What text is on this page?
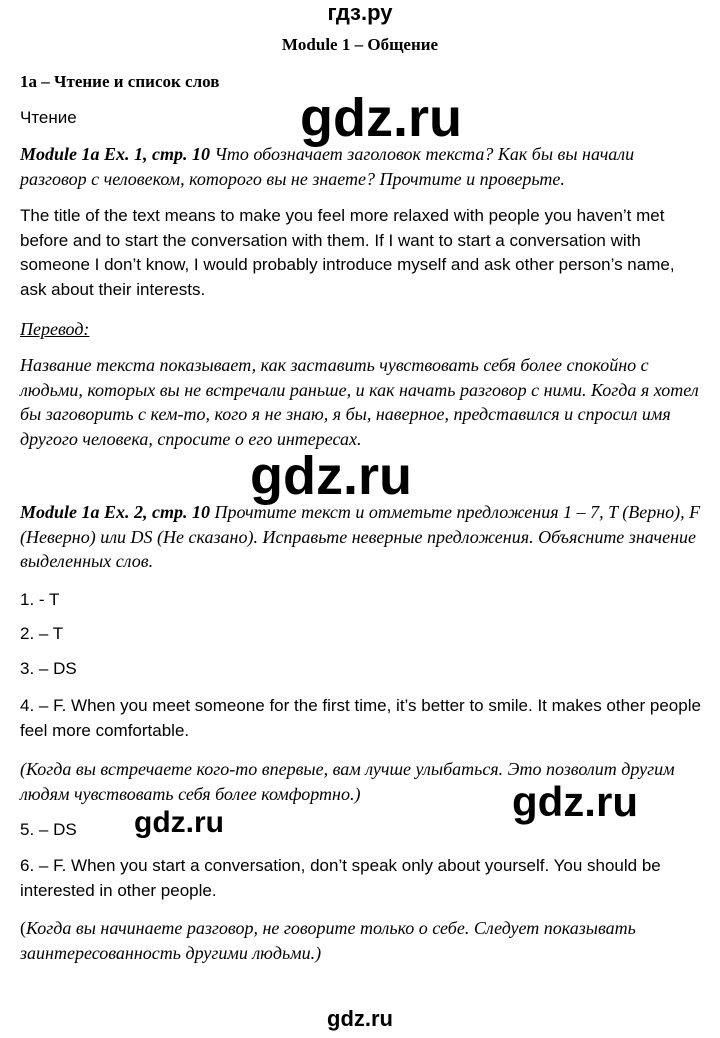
гдз.ру
Module 1 – Общение
1a – Чтение и список слов
Чтение	gdz.ru
Module 1a Ex. 1, стр. 10 Что обозначает заголовок текста? Как бы вы начали разговор с человеком, которого вы не знаете? Прочтите и проверьте.
The title of the text means to make you feel more relaxed with people you haven’t met before and to start the conversation with them. If I want to start a conversation with someone I don’t know, I would probably introduce myself and ask other person’s name, ask about their interests.
Перевод:
Название текста показывает, как заставить чувствовать себя более спокойно с людьми, которых вы не встречали раньше, и как начать разговор с ними. Когда я хотел бы заговорить с кем-то, кого я не знаю, я бы, наверное, представился и спросил имя другого человека, спросите о его интересах.
gdz.ru
Module 1a Ex. 2, стр. 10 Прочтите текст и отметьте предложения 1 – 7, T (Верно), F (Неверно) или DS (Не сказано). Исправьте неверные предложения. Объясните значение выделенных слов.
1. - T
2. – T
3. – DS
4. – F. When you meet someone for the first time, it’s better to smile. It makes other people feel more comfortable.
(Когда вы встречаете кого-то впервые, вам лучше улыбаться. Это позволит другим людям чувствовать себя более комфортно.)	gdz.ru
5. – DS	gdz.ru
6. – F. When you start a conversation, don’t speak only about yourself. You should be interested in other people.
(Когда вы начинаете разговор, не говорите только о себе. Следует показывать заинтересованность другими людьми.)
gdz.ru
